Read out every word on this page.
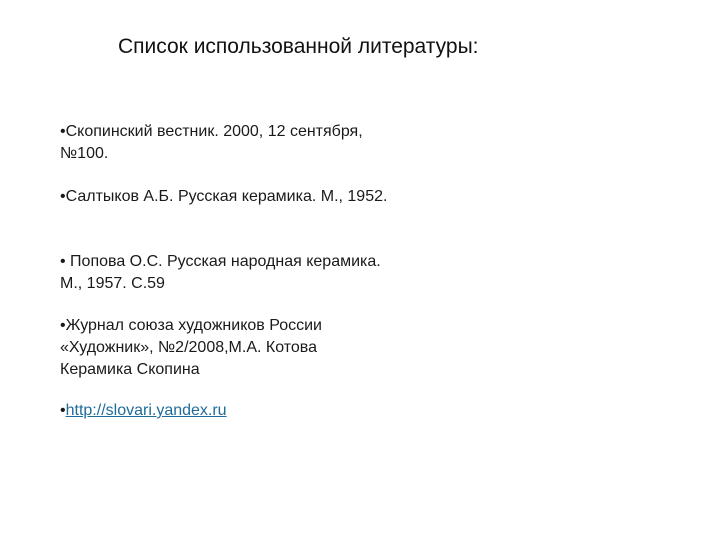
Список использованной литературы:
•Скопинский вестник. 2000, 12 сентября, №100.
•Салтыков А.Б. Русская керамика. М., 1952.
• Попова О.С. Русская народная керамика. М., 1957. С.59
•Журнал союза художников России «Художник», №2/2008,М.А. Котова Керамика Скопина
•http://slovari.yandex.ru
